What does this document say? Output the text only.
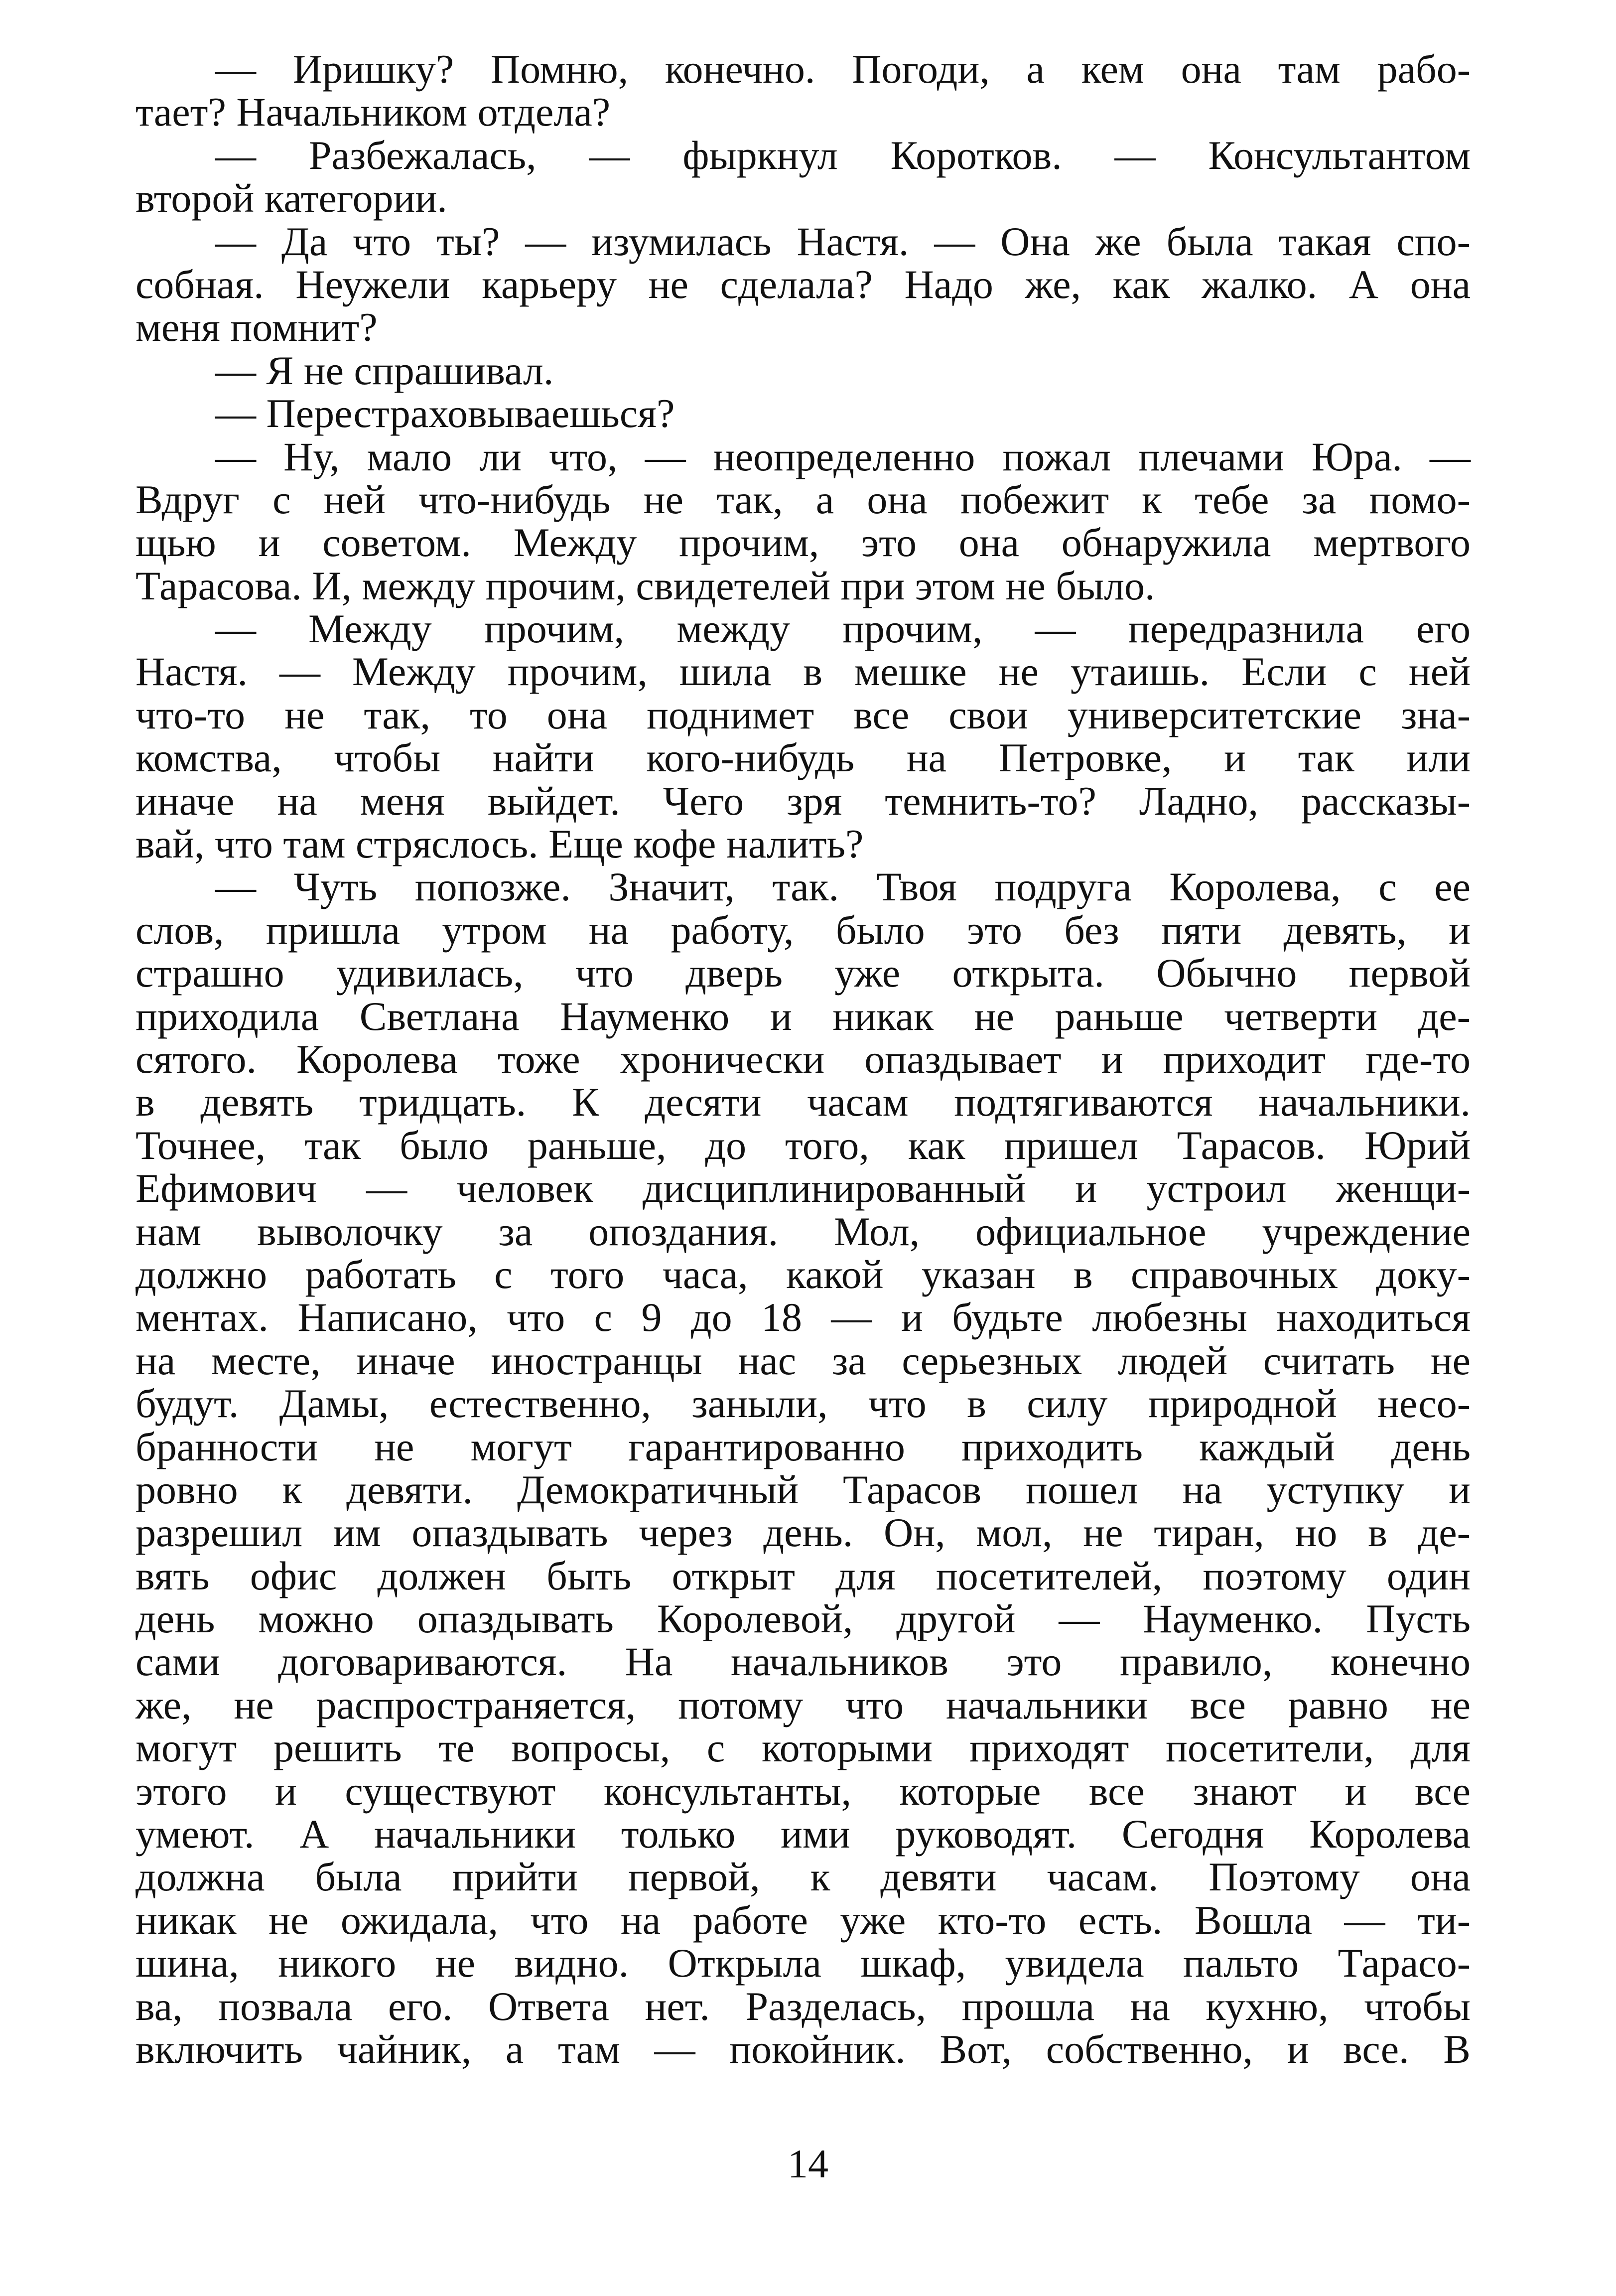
— Иришку? Помню, конечно. Погоди, а кем она там рабо-
тает? Начальником отдела?
— Разбежалась, — фыркнул Коротков. — Консультантом
второй категории.
— Да что ты? — изумилась Настя. — Она же была такая спо-
собная. Неужели карьеру не сделала? Надо же, как жалко. А она
меня помнит?
— Я не спрашивал.
— Перестраховываешься?
— Ну, мало ли что, — неопределенно пожал плечами Юра. —
Вдруг с ней что-нибудь не так, а она побежит к тебе за помо-
щью и советом. Между прочим, это она обнаружила мертвого
Тарасова. И, между прочим, свидетелей при этом не было.
— Между прочим, между прочим, — передразнила его
Настя. — Между прочим, шила в мешке не утаишь. Если с ней
что-то не так, то она поднимет все свои университетские зна-
комства, чтобы найти кого-нибудь на Петровке, и так или
иначе на меня выйдет. Чего зря темнить-то? Ладно, рассказы-
вай, что там стряслось. Еще кофе налить?
— Чуть попозже. Значит, так. Твоя подруга Королева, с ее
слов, пришла утром на работу, было это без пяти девять, и
страшно удивилась, что дверь уже открыта. Обычно первой
приходила Светлана Науменко и никак не раньше четверти де-
сятого. Королева тоже хронически опаздывает и приходит где-то
в девять тридцать. К десяти часам подтягиваются начальники.
Точнее, так было раньше, до того, как пришел Тарасов. Юрий
Ефимович — человек дисциплинированный и устроил женщи-
нам выволочку за опоздания. Мол, официальное учреждение
должно работать с того часа, какой указан в справочных доку-
ментах. Написано, что с 9 до 18 — и будьте любезны находиться
на месте, иначе иностранцы нас за серьезных людей считать не
будут. Дамы, естественно, заныли, что в силу природной несо-
бранности не могут гарантированно приходить каждый день
ровно к девяти. Демократичный Тарасов пошел на уступку и
разрешил им опаздывать через день. Он, мол, не тиран, но в де-
вять офис должен быть открыт для посетителей, поэтому один
день можно опаздывать Королевой, другой — Науменко. Пусть
сами договариваются. На начальников это правило, конечно
же, не распространяется, потому что начальники все равно не
могут решить те вопросы, с которыми приходят посетители, для
этого и существуют консультанты, которые все знают и все
умеют. А начальники только ими руководят. Сегодня Королева
должна была прийти первой, к девяти часам. Поэтому она
никак не ожидала, что на работе уже кто-то есть. Вошла — ти-
шина, никого не видно. Открыла шкаф, увидела пальто Тарасо-
ва, позвала его. Ответа нет. Разделась, прошла на кухню, чтобы
включить чайник, а там — покойник. Вот, собственно, и все. В
14
